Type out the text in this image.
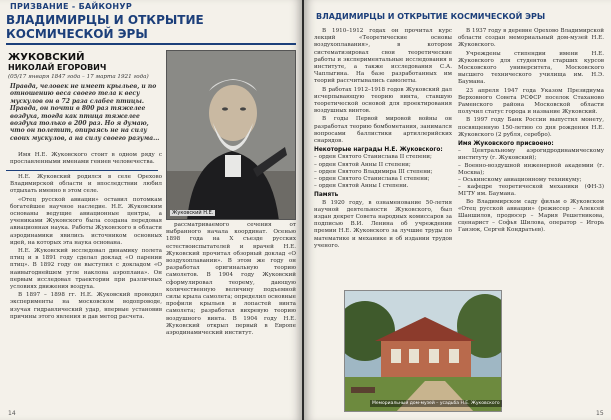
ПРИЗВАНИЕ - БАЙКОНУР
ВЛАДИМИРЦЫ И ОТКРЫТИЕ
КОСМИЧЕСКОЙ ЭРЫ
ЖУКОВСКИЙ
НИКОЛАЙ ЕГОРОВИЧ
(05/17 января 1847 года – 17 марта 1921 года)
Правда, человек не имеет крыльев, и по отношению веса своего тела к весу мускулов он в 72 раза слабее птицы. Правда, он почти в 800 раз тяжелее воздуха, тогда как птица тяжелее воздуха только в 200 раз. Но я думаю, что он полетит, опираясь не на силу своих мускулов, а на силу своего разума...

Имя Н.Е. Жуковского стоит в одном ряду с прославленными именами гениев человечества.

Н.Е. Жуковский родился в селе Орехово Владимирской области и впоследствии любил отдыхать именно в этом селе.

«Отец русской авиации» оставил потомкам богатейшее научное наследие. Н.Е. Жуковским основаны ведущие авиационные центры, а учениками Жуковского была создана передовая авиационная наука. Работы Жуковского в области аэродинамики явились источником основных идей, на которых эта наука основана.

Н.Е. Жуковский исследовал динамику полета птиц и в 1891 году сделал доклад «О парении птиц». В 1892 году он выступил с докладом «О наивыгоднейшем угле наклона аэроплана». Он первым исследовал траектории при различных условиях движения воздуха.

В 1897 – 1898 гг. Н.Е. Жуковский проводил эксперименты на московском водопроводе, изучая гидравлический удар, впервые установив причины этого явления и дав метод расчета.

Жуковский Н.Е.

рассматриваемого сечения от выбранного начала координат. Осенью 1898 года на X съезде русских естествоиспытателей и врачей Н.Е. Жуковский прочитал обзорный доклад «О воздухоплавании». В этом же году он разработал оригинальную теорию самолетов. В 1904 году Жуковский сформулировал теорему, дающую количественную величину подъемной силы крыла самолета; определил основные профили крыльев и лопастей винта самолета; разработал вихревую теорию воздушного винта. В 1904 году Н.Е. Жуковский открыл первый в Европе аэродинамический институт.

14
ВЛАДИМИРЦЫ И ОТКРЫТИЕ КОСМИЧЕСКОЙ ЭРЫ

В 1910–1912 годах он прочитал курс лекций «Теоретические основы воздухоплавания», в котором систематизировал свои теоретические работы и экспериментальные исследования в институте, а также исследования С.А. Чаплыгина. На базе разработанных им теорий рассчитывались самолеты.

В работах 1912–1918 годов Жуковский дал исчерпывающую теорию винта, ставшую теоретической основой для проектирования воздушных винтов.

В годы Первой мировой войны он разработал теорию бомбометания, занимался вопросами баллистики артиллерийских снарядов.

Некоторые награды Н.Е. Жуковского:
– орден Святого Станислава II степени;
– орден Святой Анны II степени;
– орден Святого Владимира III степени;
– орден Святого Станислава I степени;
– орден Святой Анны I степени.
Память

В 1920 году, в ознаменование 50-летия научной деятельности Жуковского, был издан декрет Совета народных комиссаров за подписью В.И. Ленина об учреждении премии Н.Е. Жуковского за лучшие труды по математике и механике и об издании трудов ученого.

В 1937 году в деревне Орехово Владимирской области создан мемориальный дом-музей Н.Е. Жуковского.

Учреждены стипендии имени Н.Е. Жуковского для студентов старших курсов Московского университета, Московского высшего технического училища им. Н.Э. Баумана.

23 апреля 1947 года Указом Президиума Верховного Совета РСФСР поселок Стаханово Раменского района Московской области получил статус города и название Жуковский.

В 1997 году Банк России выпустил монету, посвященную 150-летию со дня рождения Н.Е. Жуковского (2 рубля, серебро).

Имя Жуковского присвоено:
– Центральному аэрогидродинамическому институту (г. Жуковский);
– Военно-воздушной инженерной академии (г. Москва);
– Оськинскому авиационному техникуму;
– кафедре теоретической механики (ФН-3) МГТУ им. Баумана.

Во Владимирском саду фильм о Жуковском «Отец русской авиации» (режиссер – Алексей Шаншилов, продюсер – Мария Решетникова, сценарист – Софья Шилова, оператор – Игорь Ганзюк, Сергей Кондратьев).

Мемориальный дом-музей – усадьба Н.Е. Жуковского
15
